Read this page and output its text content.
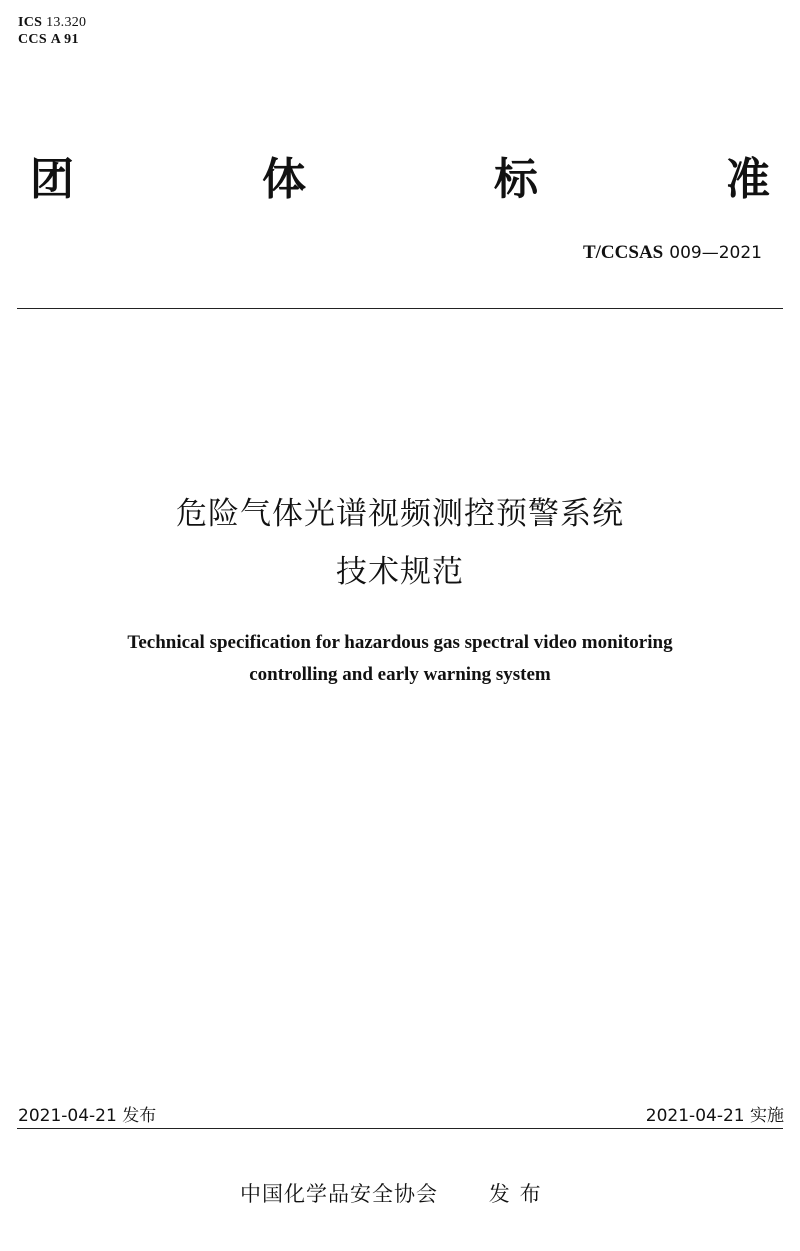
ICS 13.320
CCS A 91
团	体	标	准
T/CCSAS 009—2021
危险气体光谱视频测控预警系统
技术规范
Technical specification for hazardous gas spectral video monitoring
controlling and early warning system
2021-04-21 发布	2021-04-21 实施
中国化学品安全协会 发布
